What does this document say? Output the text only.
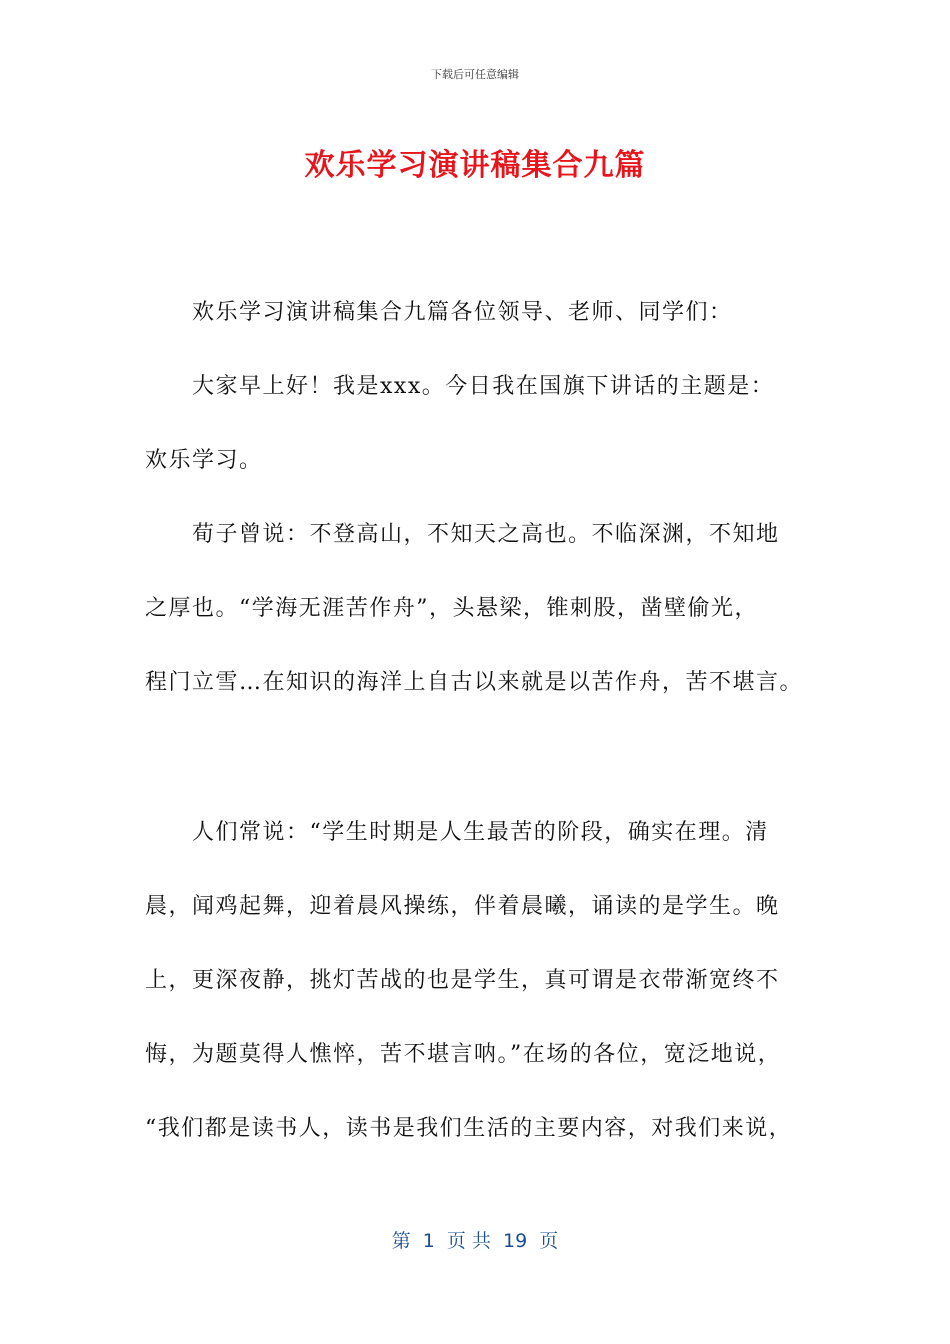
下载后可任意编辑
欢乐学习演讲稿集合九篇
欢乐学习演讲稿集合九篇各位领导、老师、同学们：
大家早上好！我是xxx。今日我在国旗下讲话的主题是：
欢乐学习。
荀子曾说：不登高山，不知天之高也。不临深渊，不知地
之厚也。“学海无涯苦作舟”，头悬梁，锥刺股，凿壁偷光，
程门立雪…在知识的海洋上自古以来就是以苦作舟，苦不堪言。
人们常说：“学生时期是人生最苦的阶段，确实在理。清
晨，闻鸡起舞，迎着晨风操练，伴着晨曦，诵读的是学生。晚
上，更深夜静，挑灯苦战的也是学生，真可谓是衣带渐宽终不
悔，为题莫得人憔悴，苦不堪言呐。”在场的各位，宽泛地说，
“我们都是读书人，读书是我们生活的主要内容，对我们来说，
第  1  页 共  19  页
